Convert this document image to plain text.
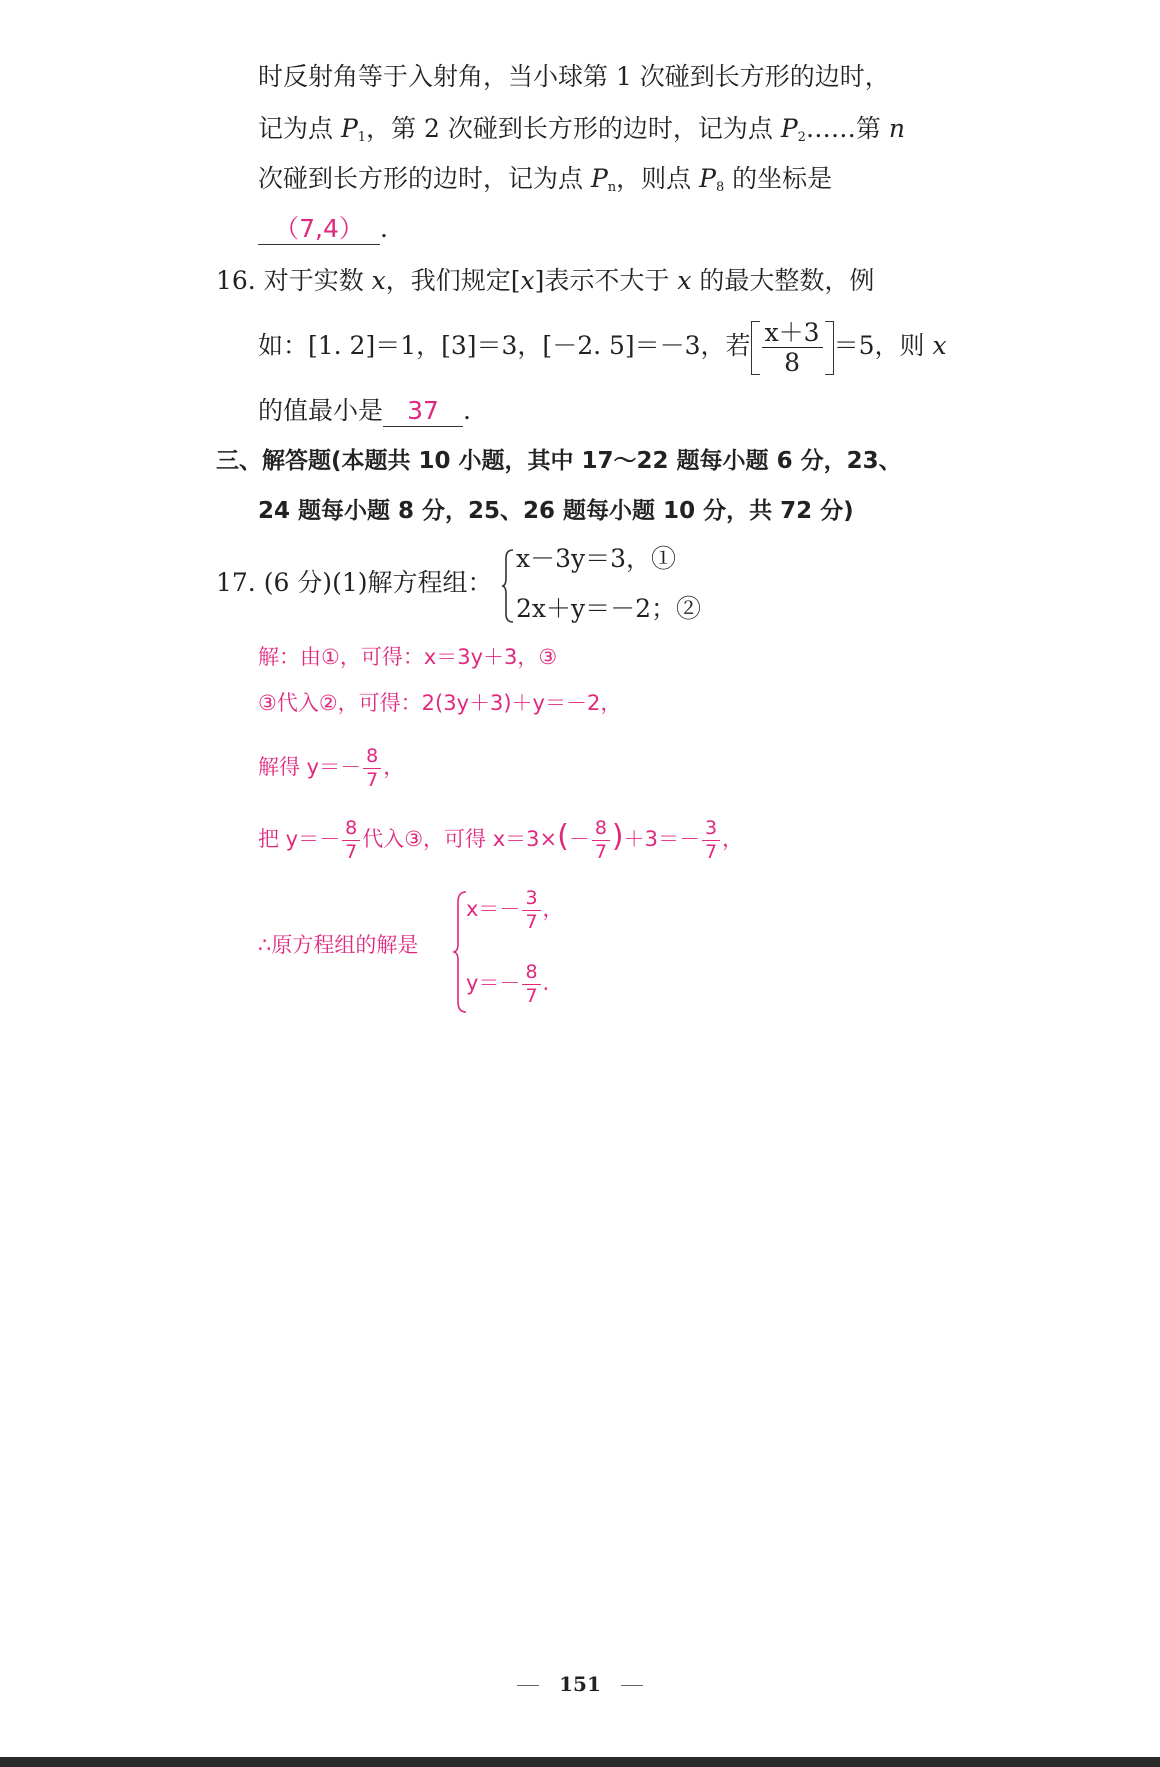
时反射角等于入射角，当小球第 1 次碰到长方形的边时，
记为点 $P_1$，第 2 次碰到长方形的边时，记为点 $P_2\dots\dots$第 n
次碰到长方形的边时，记为点 $P_n$，则点 $P_8$ 的坐标是
（7,4） .
16. 对于实数 x，我们规定[x]表示不大于 x 的最大整数，例
如：[1. 2]＝1，[3]＝3，[－2. 5]＝－3，若 $\frac{x+3}{8} =5$，则 x
的值最小是 37 .
三、解答题(本题共 10 小题，其中 17～22 题每小题 6 分，23、
24 题每小题 8 分，25、26 题每小题 10 分，共 72 分)
17. (6 分)(1)解方程组：
x－3y＝3，①
2x＋y＝－2；②
解：由①，可得：x＝3y＋3，③
③代入②，可得：2(3y＋3)＋y＝－2，
解得 $y=- \frac{8}{7}$ ，
把 $y=- \frac{8}{7}$ 代入③，可得 $x=3\times(- \frac{8}{7} )+3=- \frac{3}{7}$ ，
∴原方程组的解是
$x=- \frac{3}{7}$ ，
$y=- \frac{8}{7}$ .
151
